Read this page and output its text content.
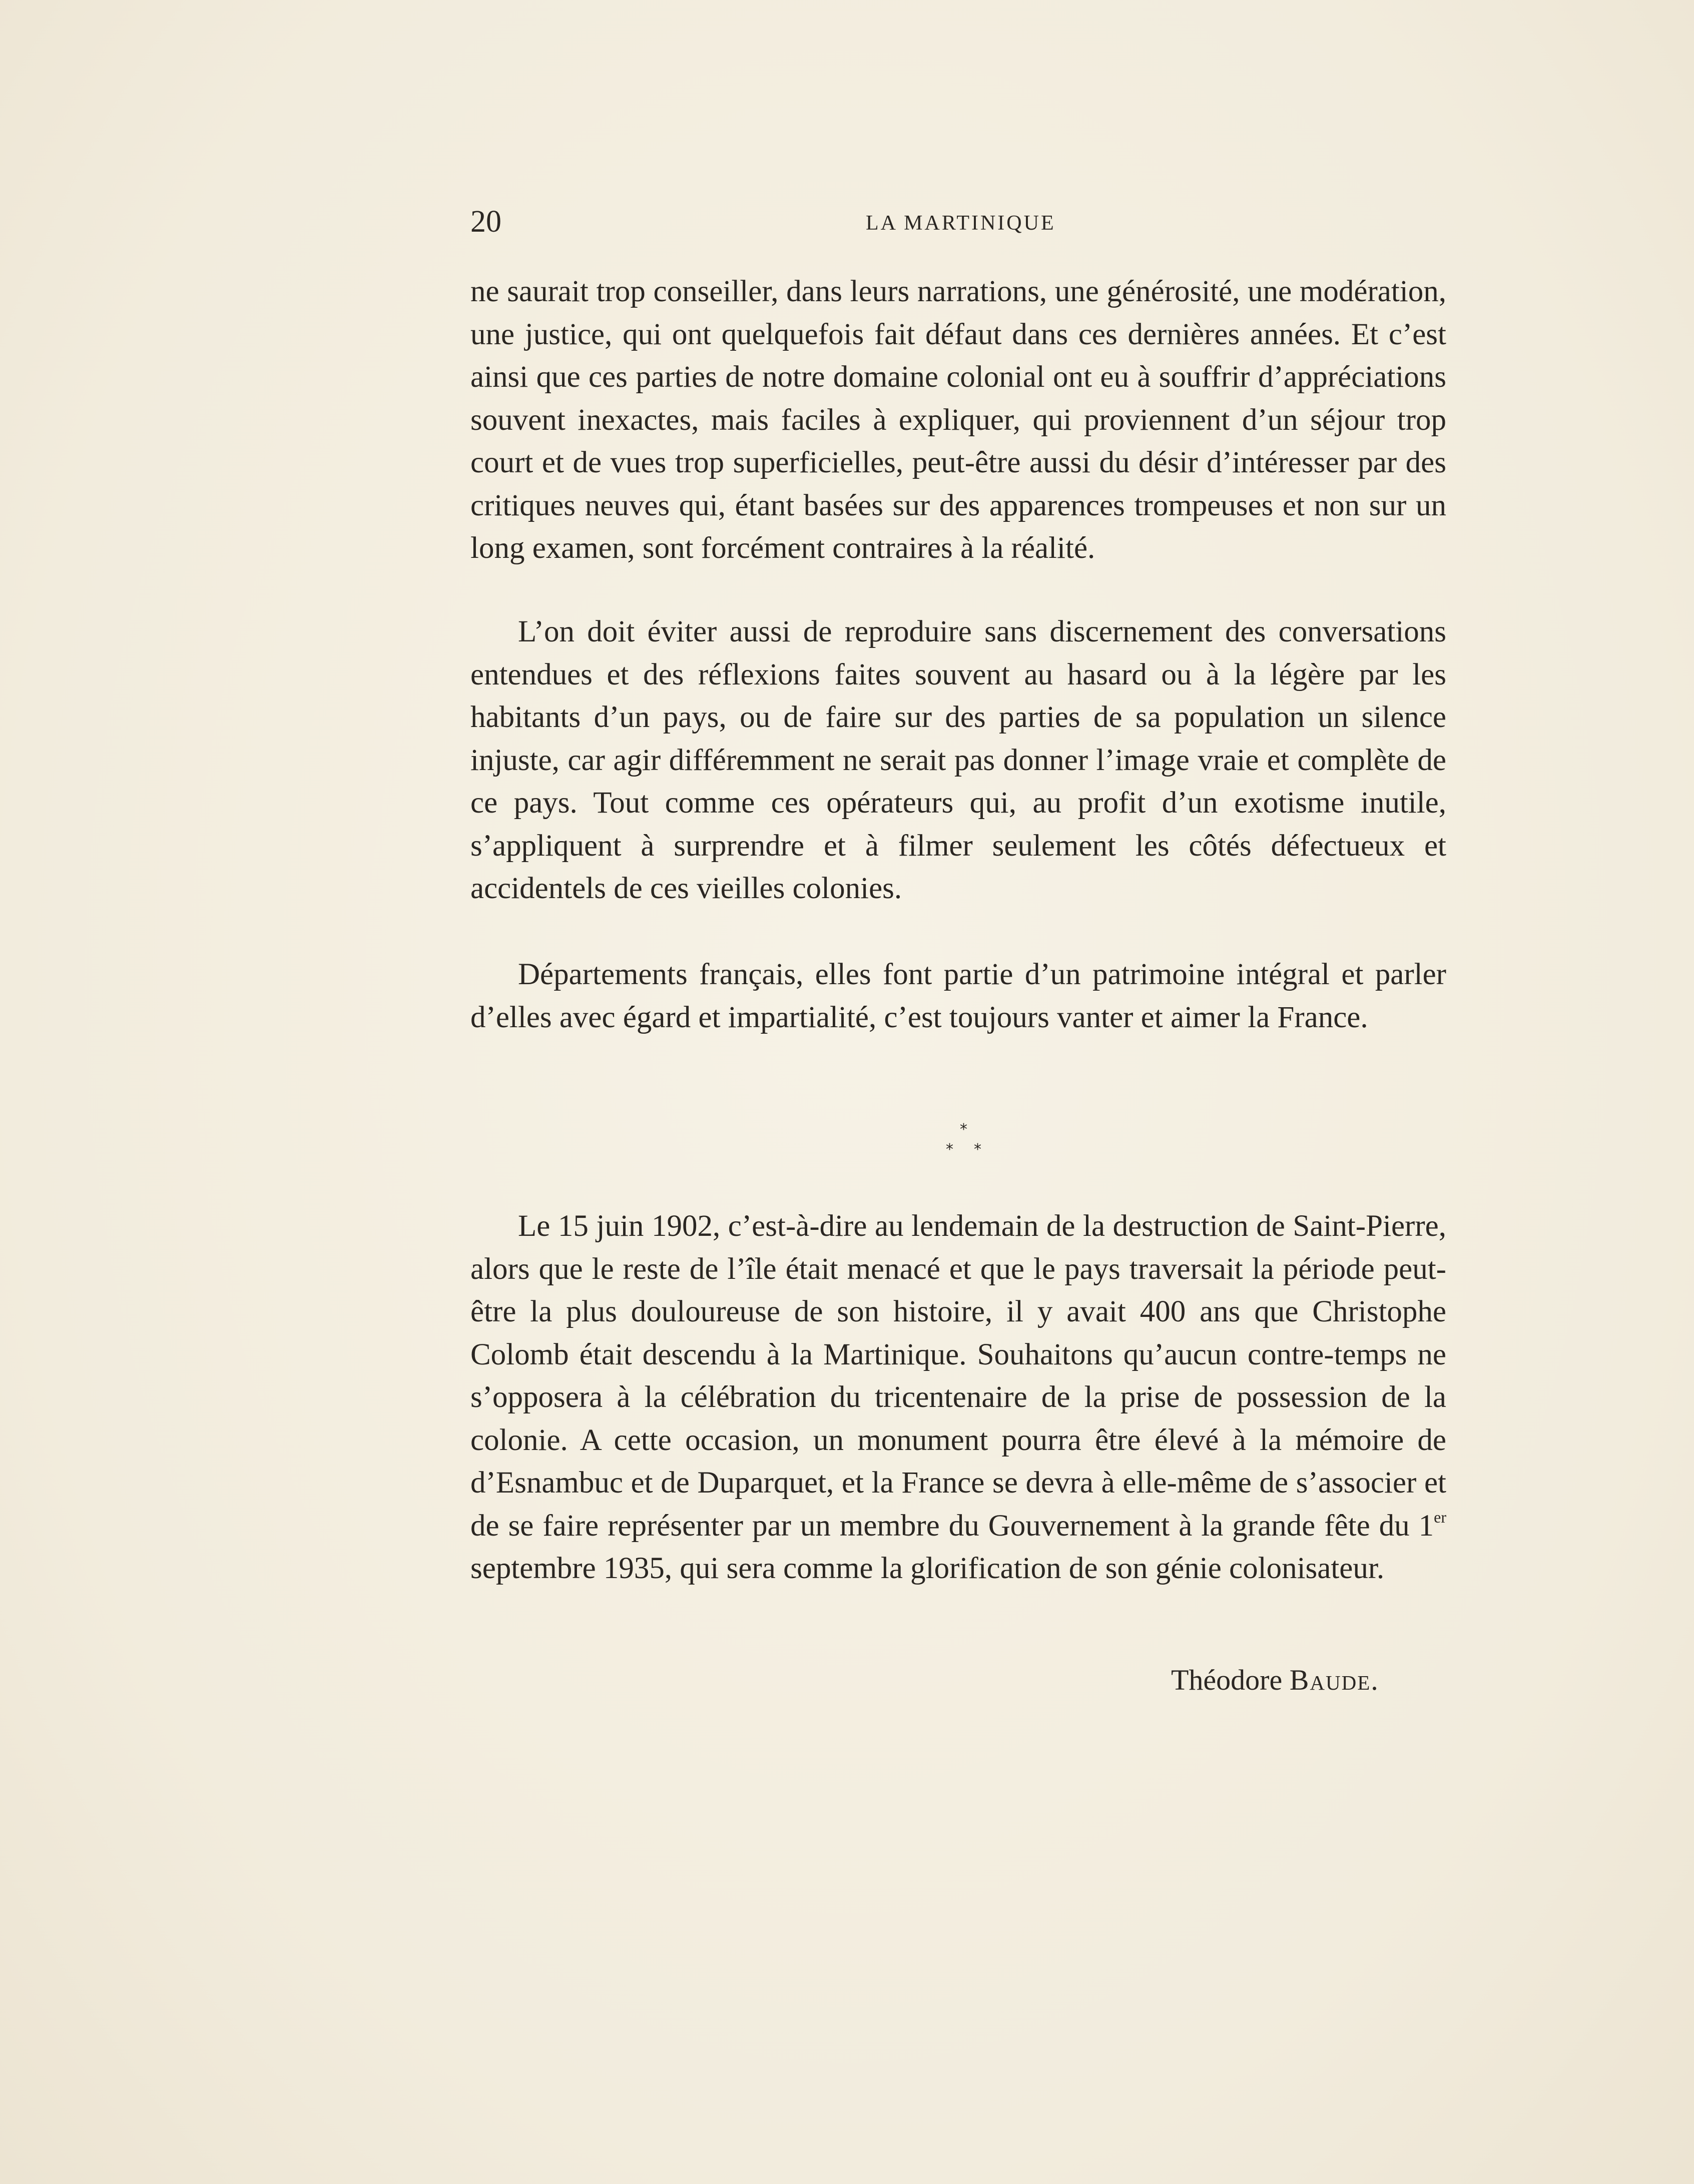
20	LA MARTINIQUE

ne saurait trop conseiller, dans leurs narrations, une générosité, une modération, une justice, qui ont quelquefois fait défaut dans ces dernières années. Et c’est ainsi que ces parties de notre domaine colonial ont eu à souffrir d’appréciations souvent inexactes, mais faciles à expliquer, qui proviennent d’un séjour trop court et de vues trop superficielles, peut-être aussi du désir d’intéresser par des critiques neuves qui, étant basées sur des apparences trompeuses et non sur un long examen, sont forcément contraires à la réalité.

L’on doit éviter aussi de reproduire sans discernement des conversations entendues et des réflexions faites souvent au hasard ou à la légère par les habitants d’un pays, ou de faire sur des parties de sa population un silence injuste, car agir différemment ne serait pas donner l’image vraie et complète de ce pays. Tout comme ces opérateurs qui, au profit d’un exotisme inutile, s’appliquent à surprendre et à filmer seulement les côtés défectueux et accidentels de ces vieilles colonies.

Départements français, elles font partie d’un patrimoine intégral et parler d’elles avec égard et impartialité, c’est toujours vanter et aimer la France.

*
* *

Le 15 juin 1902, c’est-à-dire au lendemain de la destruction de Saint-Pierre, alors que le reste de l’île était menacé et que le pays traversait la période peut-être la plus douloureuse de son histoire, il y avait 400 ans que Christophe Colomb était descendu à la Martinique. Souhaitons qu’aucun contre-temps ne s’opposera à la célébration du tricentenaire de la prise de possession de la colonie. A cette occasion, un monument pourra être élevé à la mémoire de d’Esnambuc et de Duparquet, et la France se devra à elle-même de s’associer et de se faire représenter par un membre du Gouvernement à la grande fête du 1er septembre 1935, qui sera comme la glorification de son génie colonisateur.

Théodore Baude.
